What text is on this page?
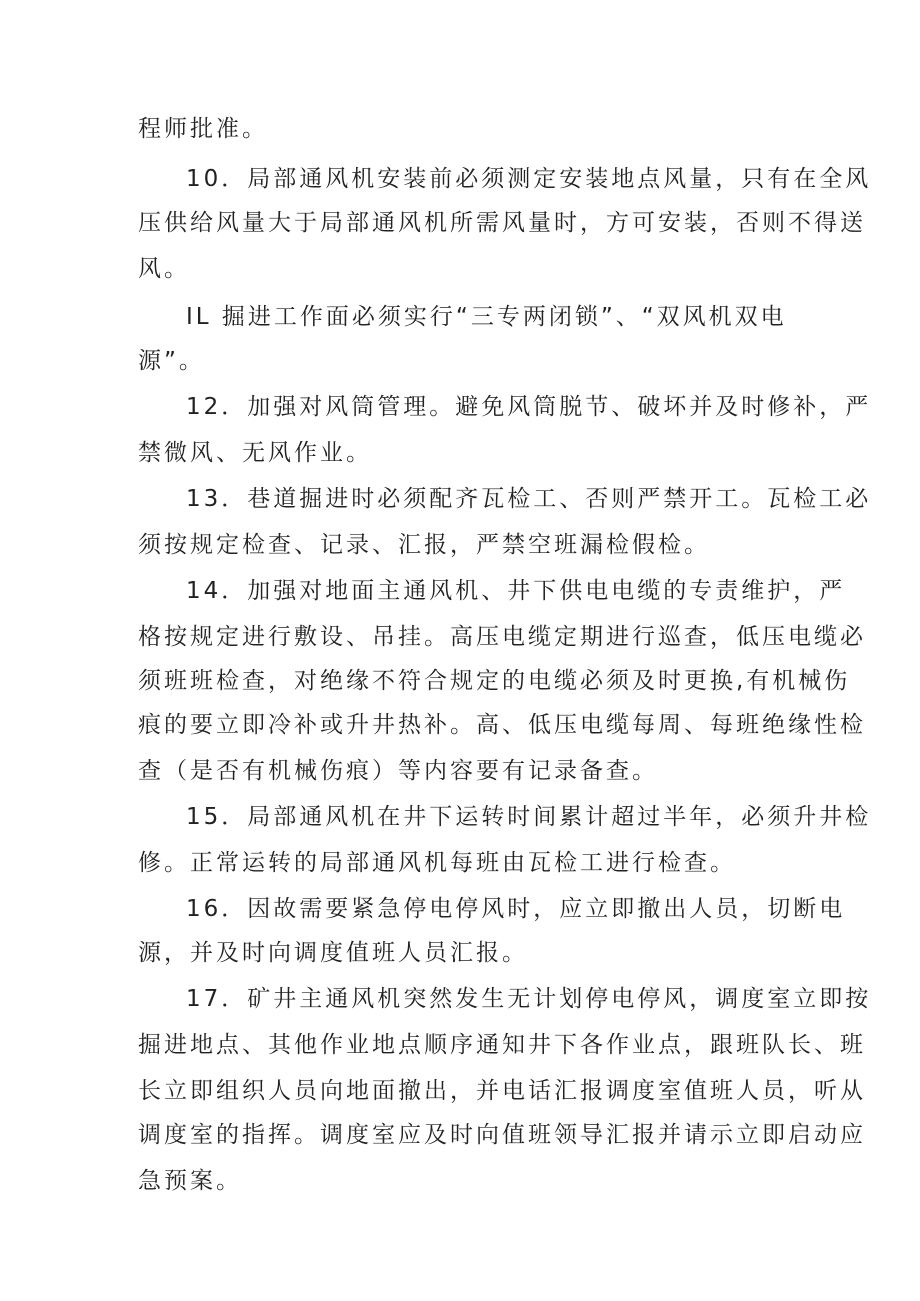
程师批准。

10．局部通风机安装前必须测定安装地点风量，只有在全风

压供给风量大于局部通风机所需风量时，方可安装，否则不得送

风。

IL 掘进工作面必须实行“三专两闭锁”、“双风机双电

源”。

12．加强对风筒管理。避免风筒脱节、破坏并及时修补，严

禁微风、无风作业。

13．巷道掘进时必须配齐瓦检工、否则严禁开工。瓦检工必

须按规定检查、记录、汇报，严禁空班漏检假检。

14．加强对地面主通风机、井下供电电缆的专责维护，严

格按规定进行敷设、吊挂。高压电缆定期进行巡查，低压电缆必

须班班检查，对绝缘不符合规定的电缆必须及时更换,有机械伤

痕的要立即冷补或升井热补。高、低压电缆每周、每班绝缘性检

查（是否有机械伤痕）等内容要有记录备查。

15．局部通风机在井下运转时间累计超过半年，必须升井检

修。正常运转的局部通风机每班由瓦检工进行检查。

16．因故需要紧急停电停风时，应立即撤出人员，切断电

源，并及时向调度值班人员汇报。

17．矿井主通风机突然发生无计划停电停风，调度室立即按

掘进地点、其他作业地点顺序通知井下各作业点，跟班队长、班

长立即组织人员向地面撤出，并电话汇报调度室值班人员，听从

调度室的指挥。调度室应及时向值班领导汇报并请示立即启动应

急预案。
